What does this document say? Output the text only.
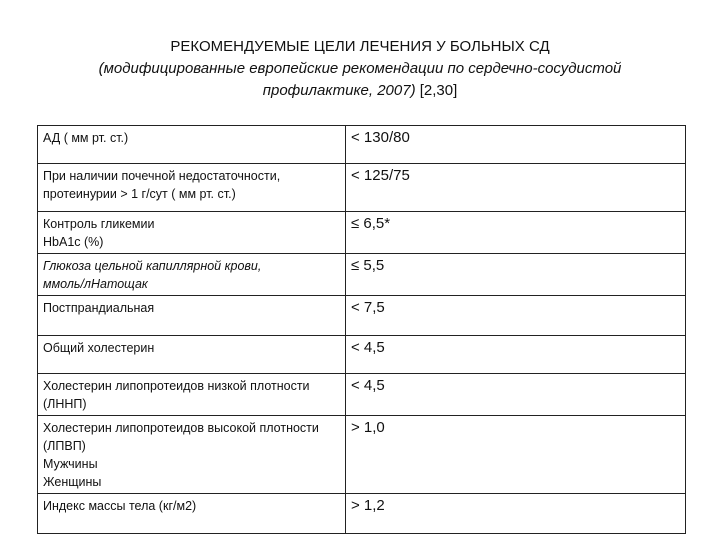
РЕКОМЕНДУЕМЫЕ ЦЕЛИ ЛЕЧЕНИЯ У БОЛЬНЫХ СД
(модифицированные европейские рекомендации по сердечно-сосудистой
профилактике, 2007) [2,30]
АД ( мм рт. ст.)	< 130/80

При наличии почечной недостаточности,
протеинурии > 1 г/сут ( мм рт. ст.)	< 125/75

Контроль гликемии
HbA1c (%)	≤ 6,5*

Глюкоза цельной капиллярной крови,
ммоль/лНатощак	≤ 5,5

Постпрандиальная	< 7,5

Общий холестерин	< 4,5

Холестерин липопротеидов низкой плотности
(ЛННП)	< 4,5

Холестерин липопротеидов высокой плотности
(ЛПВП)
Мужчины
Женщины	> 1,0

Индекс массы тела (кг/м2)	> 1,2
